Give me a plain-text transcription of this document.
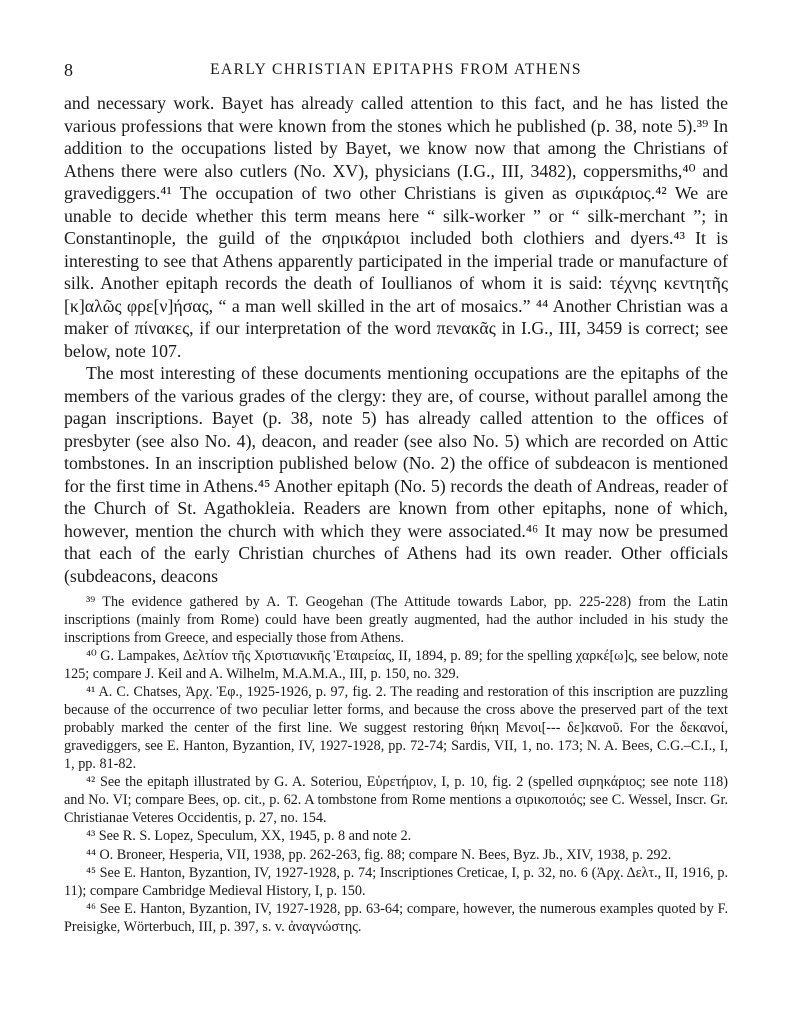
8	EARLY CHRISTIAN EPITAPHS FROM ATHENS

and necessary work. Bayet has already called attention to this fact, and he has listed the various professions that were known from the stones which he published (p. 38, note 5).³⁹ In addition to the occupations listed by Bayet, we know now that among the Christians of Athens there were also cutlers (No. XV), physicians (I.G., III, 3482), coppersmiths,⁴⁰ and gravediggers.⁴¹ The occupation of two other Christians is given as σιρικάριος.⁴² We are unable to decide whether this term means here “ silk-worker ” or “ silk-merchant ”; in Constantinople, the guild of the σηρικάριοι included both clothiers and dyers.⁴³ It is interesting to see that Athens apparently participated in the imperial trade or manufacture of silk. Another epitaph records the death of Ioullianos of whom it is said: τέχνης κεντητῆς [κ]αλῶς φρε[ν]ήσας, “ a man well skilled in the art of mosaics.” ⁴⁴ Another Christian was a maker of πίνακες, if our interpretation of the word πενακᾶς in I.G., III, 3459 is correct; see below, note 107.

The most interesting of these documents mentioning occupations are the epitaphs of the members of the various grades of the clergy: they are, of course, without parallel among the pagan inscriptions. Bayet (p. 38, note 5) has already called attention to the offices of presbyter (see also No. 4), deacon, and reader (see also No. 5) which are recorded on Attic tombstones. In an inscription published below (No. 2) the office of subdeacon is mentioned for the first time in Athens.⁴⁵ Another epitaph (No. 5) records the death of Andreas, reader of the Church of St. Agathokleia. Readers are known from other epitaphs, none of which, however, mention the church with which they were associated.⁴⁶ It may now be presumed that each of the early Christian churches of Athens had its own reader. Other officials (subdeacons, deacons

³⁹ The evidence gathered by A. T. Geogehan (The Attitude towards Labor, pp. 225-228) from the Latin inscriptions (mainly from Rome) could have been greatly augmented, had the author included in his study the inscriptions from Greece, and especially those from Athens.

⁴⁰ G. Lampakes, Δελτίον τῆς Χριστιανικῆς Ἑταιρείας, II, 1894, p. 89; for the spelling χαρκέ[ω]ς, see below, note 125; compare J. Keil and A. Wilhelm, M.A.M.A., III, p. 150, no. 329.

⁴¹ A. C. Chatses, Ἀρχ. Ἐφ., 1925-1926, p. 97, fig. 2. The reading and restoration of this inscription are puzzling because of the occurrence of two peculiar letter forms, and because the cross above the preserved part of the text probably marked the center of the first line. We suggest restoring θήκη Μενοι[--- δε]κανοῦ. For the δεκανοί, gravediggers, see E. Hanton, Byzantion, IV, 1927-1928, pp. 72-74; Sardis, VII, 1, no. 173; N. A. Bees, C.G.–C.I., I, 1, pp. 81-82.

⁴² See the epitaph illustrated by G. A. Soteriou, Εὑρετήριον, I, p. 10, fig. 2 (spelled σιρηκάριος; see note 118) and No. VI; compare Bees, op. cit., p. 62. A tombstone from Rome mentions a σιρικοποιός; see C. Wessel, Inscr. Gr. Christianae Veteres Occidentis, p. 27, no. 154.

⁴³ See R. S. Lopez, Speculum, XX, 1945, p. 8 and note 2.

⁴⁴ O. Broneer, Hesperia, VII, 1938, pp. 262-263, fig. 88; compare N. Bees, Byz. Jb., XIV, 1938, p. 292.

⁴⁵ See E. Hanton, Byzantion, IV, 1927-1928, p. 74; Inscriptiones Creticae, I, p. 32, no. 6 (Ἀρχ. Δελτ., II, 1916, p. 11); compare Cambridge Medieval History, I, p. 150.

⁴⁶ See E. Hanton, Byzantion, IV, 1927-1928, pp. 63-64; compare, however, the numerous examples quoted by F. Preisigke, Wörterbuch, III, p. 397, s. v. ἀναγνώστης.
